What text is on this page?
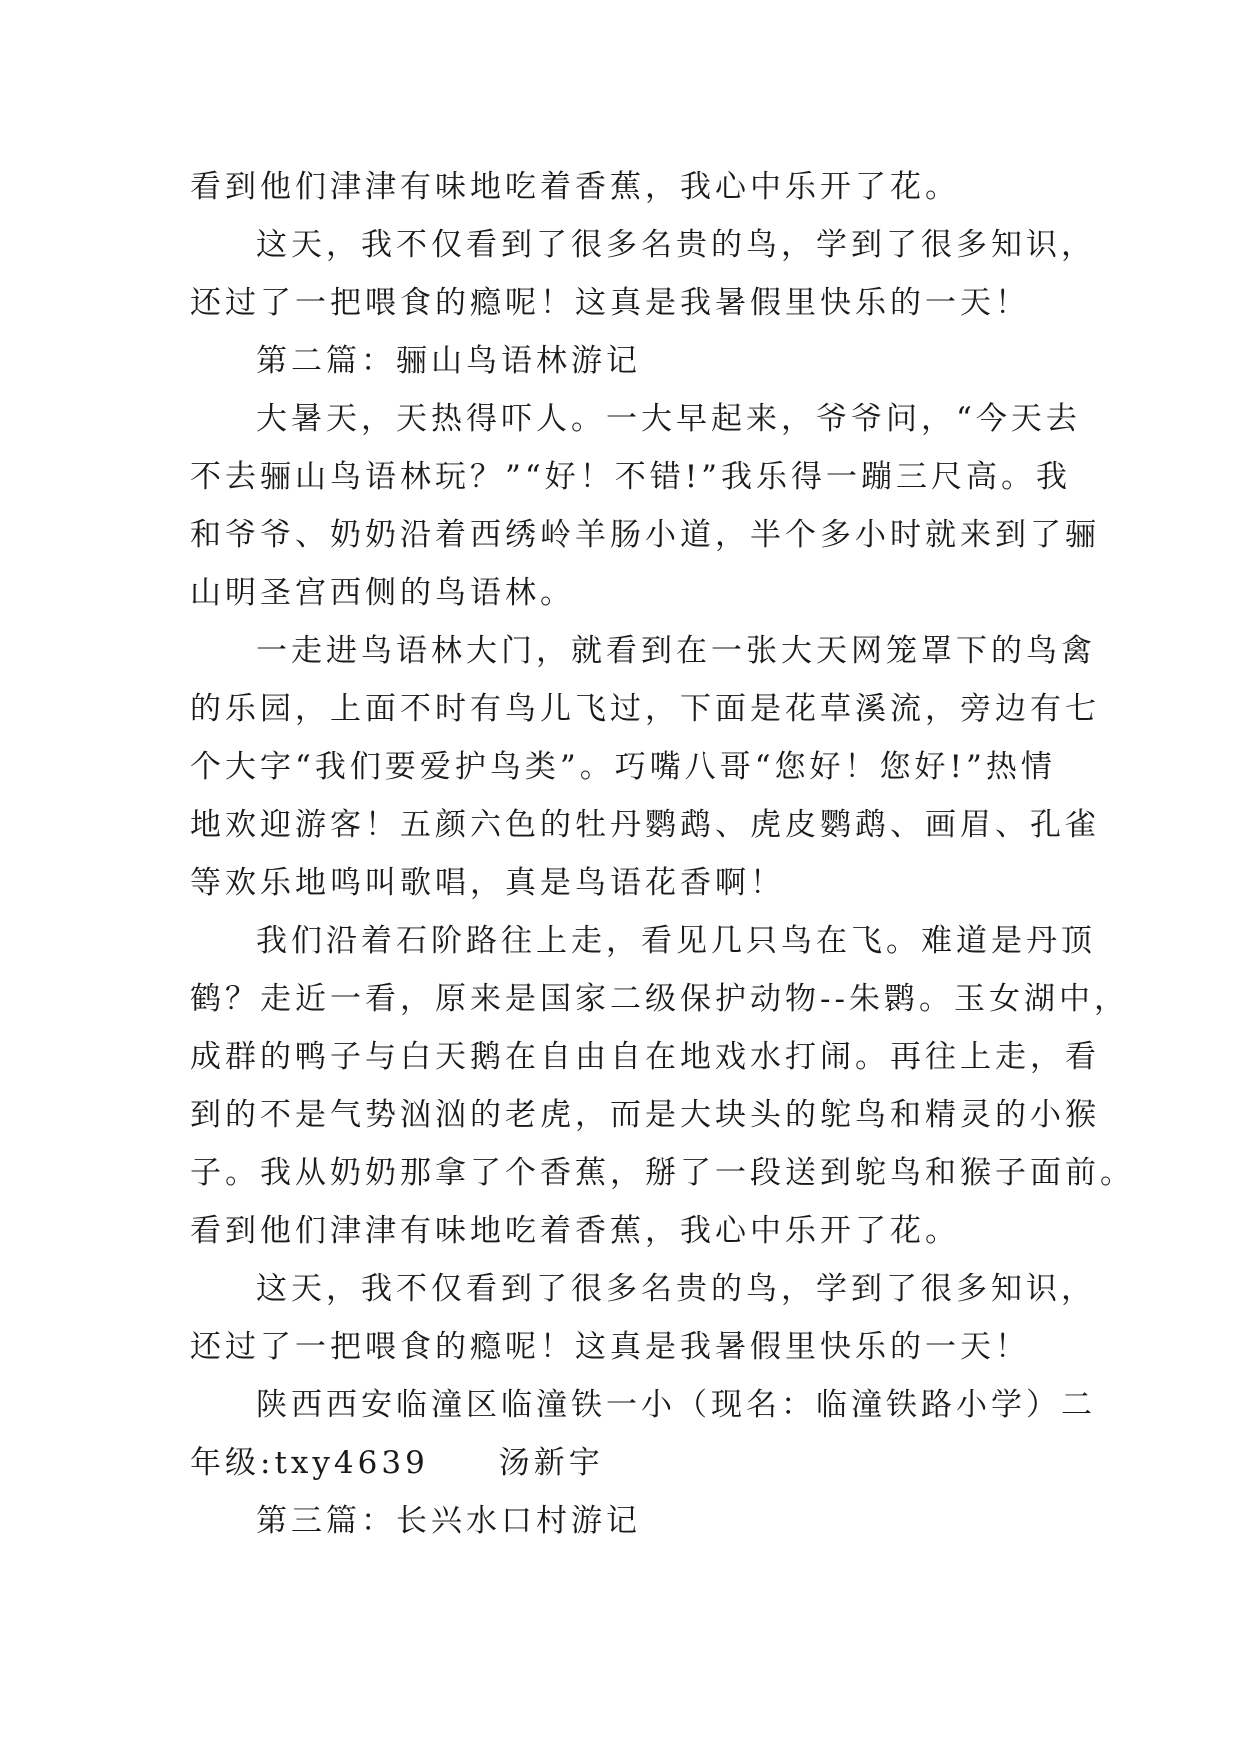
看到他们津津有味地吃着香蕉，我心中乐开了花。
这天，我不仅看到了很多名贵的鸟，学到了很多知识，
还过了一把喂食的瘾呢！这真是我暑假里快乐的一天！
第二篇：骊山鸟语林游记
大暑天，天热得吓人。一大早起来，爷爷问，“今天去
不去骊山鸟语林玩？”“好！不错!”我乐得一蹦三尺高。我
和爷爷、奶奶沿着西绣岭羊肠小道，半个多小时就来到了骊
山明圣宫西侧的鸟语林。
一走进鸟语林大门，就看到在一张大天网笼罩下的鸟禽
的乐园，上面不时有鸟儿飞过，下面是花草溪流，旁边有七
个大字“我们要爱护鸟类”。巧嘴八哥“您好！您好!”热情
地欢迎游客！五颜六色的牡丹鹦鹉、虎皮鹦鹉、画眉、孔雀
等欢乐地鸣叫歌唱，真是鸟语花香啊！
我们沿着石阶路往上走，看见几只鸟在飞。难道是丹顶
鹤？走近一看，原来是国家二级保护动物--朱鹮。玉女湖中，
成群的鸭子与白天鹅在自由自在地戏水打闹。再往上走，看
到的不是气势汹汹的老虎，而是大块头的鸵鸟和精灵的小猴
子。我从奶奶那拿了个香蕉，掰了一段送到鸵鸟和猴子面前。
看到他们津津有味地吃着香蕉，我心中乐开了花。
这天，我不仅看到了很多名贵的鸟，学到了很多知识，
还过了一把喂食的瘾呢！这真是我暑假里快乐的一天！
陕西西安临潼区临潼铁一小（现名：临潼铁路小学）二
年级:txy4639　　汤新宇
第三篇：长兴水口村游记
